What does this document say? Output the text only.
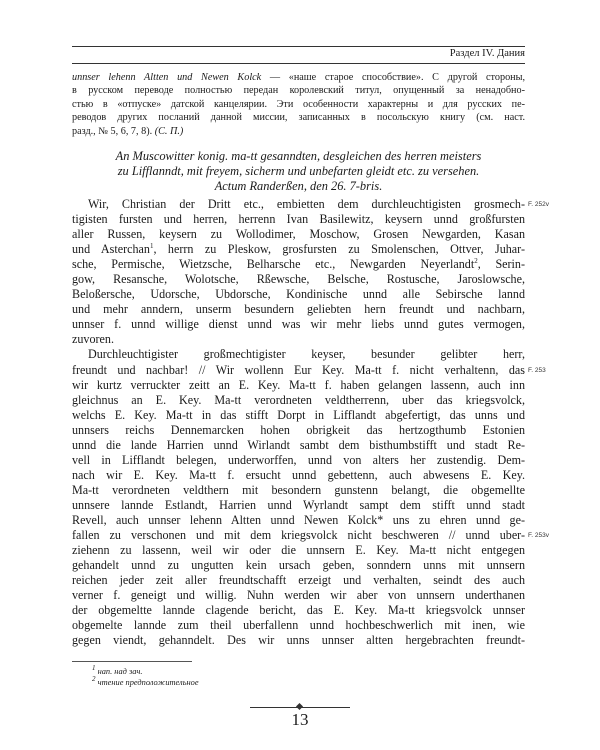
Раздел IV. Дания
unnser lehenn Altten und Newen Kolck — «наше старое способствие». С другой стороны,
в русском переводе полностью передан королевский титул, опущенный за ненадобно-
стью в «отпуске» датской канцелярии. Эти особенности характерны и для русских пе-
реводов других посланий данной миссии, записанных в посольскую книгу (см. наст.
разд., № 5, 6, 7, 8). (С. П.)
An Muscowitter konig. ma-tt gesanndten, desgleichen des herren meisters
zu Lifflanndt, mit freyem, sicherm und unbefarten gleidt etc. zu versehen.
Actum Randerßen, den 26. 7-bris.
Wir, Christian der Dritt etc., embietten dem durchleuchtigisten grosmech-
tigisten fursten und herren, herrenn Ivan Basilewitz, keysern unnd großfursten
aller Russen, keysern zu Wollodimer, Moschow, Grosen Newgarden, Kasan
und Asterchan$^1$, herrn zu Pleskow, grosfursten zu Smolenschen, Ottver, Juhar-
sche, Permische, Wietzsche, Belharsche etc., Newgarden Neyerlandt$^2$, Serin-
gow, Resansche, Wolotsche, Rßewsche, Belsche, Rostusche, Jaroslowsche,
Beloßersche, Udorsche, Ubdorsche, Kondinische unnd alle Sebirsche lannd
und mehr anndern, unserm besundern geliebten hern freundt und nachbarn,
unnser f. unnd willige dienst unnd was wir mehr liebs unnd gutes vermogen,
zuvoren.
Durchleuchtigister großmechtigister keyser, besunder gelibter herr,
freundt und nachbar! // Wir wollenn Eur Key. Ma-tt f. nicht verhaltenn, das
wir kurtz verruckter zeitt an E. Key. Ma-tt f. haben gelangen lassenn, auch inn
gleichnus an E. Key. Ma-tt verordneten veldtherrenn, uber das kriegsvolck,
welchs E. Key. Ma-tt in das stifft Dorpt in Lifflandt abgefertigt, das unns und
unnsers reichs Dennemarcken hohen obrigkeit das hertzogthumb Estonien
unnd die lande Harrien unnd Wirlandt sambt dem bisthumbstifft und stadt Re-
vell in Lifflandt belegen, underworffen, unnd von alters her zustendig. Dem-
nach wir E. Key. Ma-tt f. ersucht unnd gebettenn, auch abwesens E. Key.
Ma-tt verordneten veldthern mit besondern gunstenn belangt, die obgemellte
unnsere lannde Estlandt, Harrien unnd Wyrlandt sampt dem stifft unnd stadt
Revell, auch unnser lehenn Altten unnd Newen Kolck* uns zu ehren unnd ge-
fallen zu verschonen und mit dem kriegsvolck nicht beschweren // unnd uber-
ziehenn zu lassenn, weil wir oder die unnsern E. Key. Ma-tt nicht entgegen
gehandelt unnd zu ungutten kein ursach geben, sonndern unns mit unnsern
reichen jeder zeit aller freundtschafft erzeigt und verhalten, seindt des auch
verner f. geneigt und willig. Nuhn werden wir aber von unnsern underthanen
der obgemeltte lannde clagende bericht, das E. Key. Ma-tt kriegsvolck unnser
obgemelte lannde zum theil uberfallenn unnd hochbeschwerlich mit inen, wie
gegen viendt, gehanndelt. Des wir unns unnser altten hergebrachten freundt-
F. 252v
F. 253
F. 253v
$^1$ нап. над зач.
$^2$ чтение предположительное
13
